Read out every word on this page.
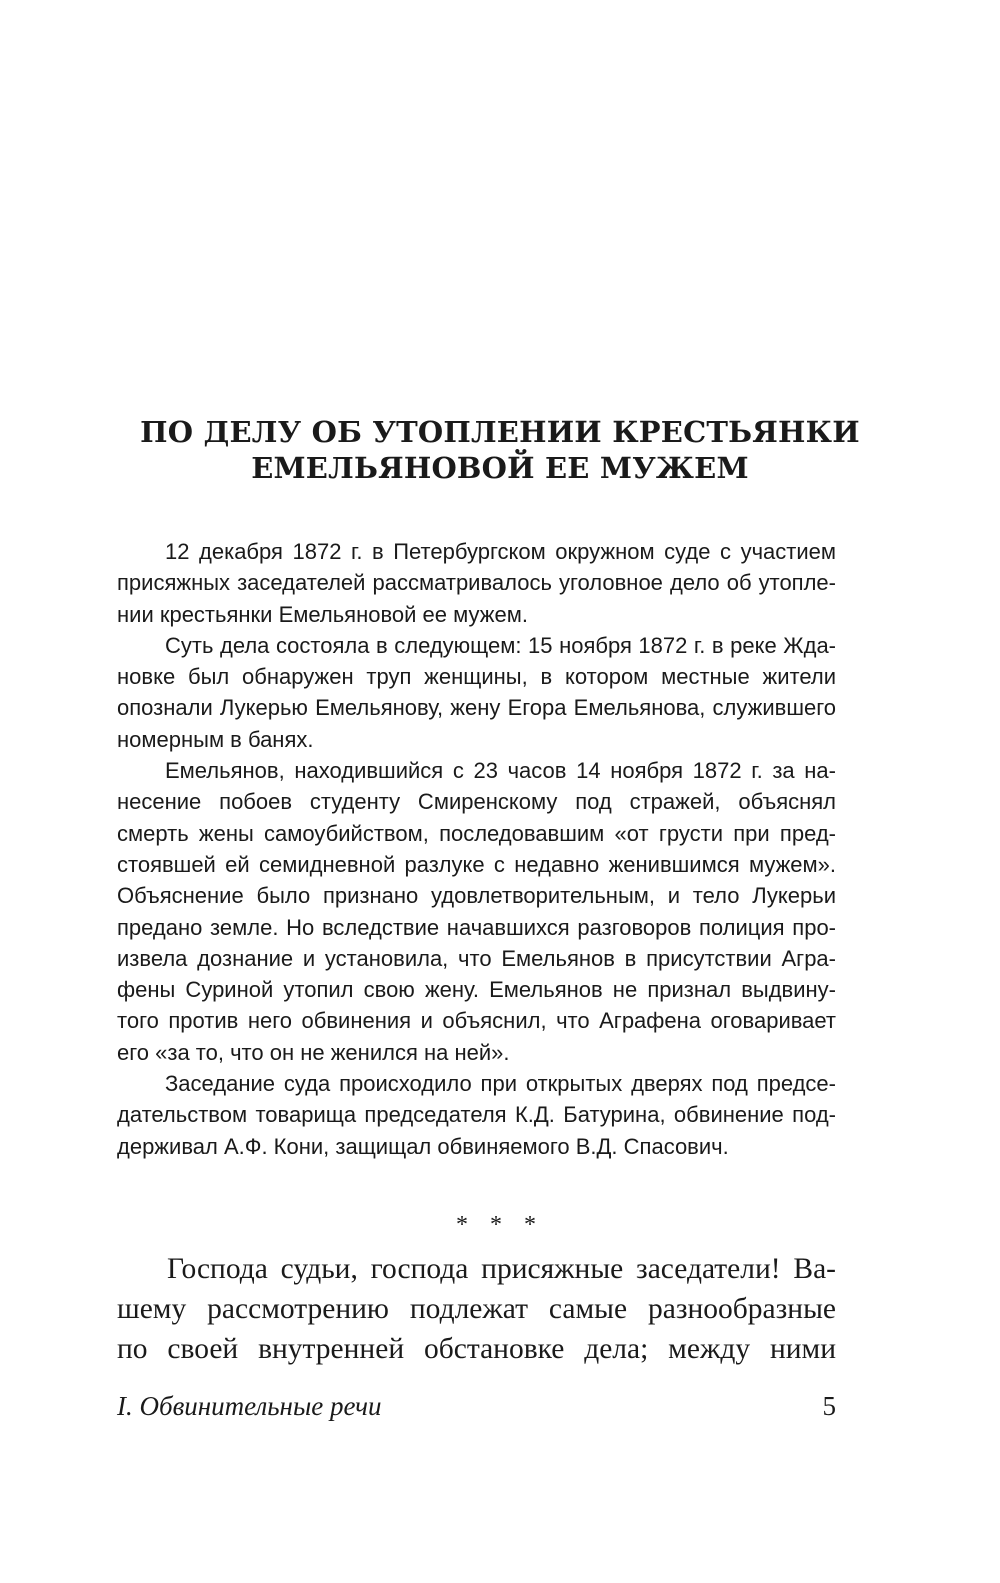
ПО ДЕЛУ ОБ УТОПЛЕНИИ КРЕСТЬЯНКИ
ЕМЕЛЬЯНОВОЙ ЕЕ МУЖЕМ
12 декабря 1872 г. в Петербургском окружном суде с участием
присяжных заседателей рассматривалось уголовное дело об утопле-
нии крестьянки Емельяновой ее мужем.
Суть дела состояла в следующем: 15 ноября 1872 г. в реке Жда-
новке был обнаружен труп женщины, в котором местные жители
опознали Лукерью Емельянову, жену Егора Емельянова, служившего
номерным в банях.
Емельянов, находившийся с 23 часов 14 ноября 1872 г. за на-
несение побоев студенту Смиренскому под стражей, объяснял
смерть жены самоубийством, последовавшим «от грусти при пред-
стоявшей ей семидневной разлуке с недавно женившимся мужем».
Объяснение было признано удовлетворительным, и тело Лукерьи
предано земле. Но вследствие начавшихся разговоров полиция про-
извела дознание и установила, что Емельянов в присутствии Агра-
фены Суриной утопил свою жену. Емельянов не признал выдвину-
того против него обвинения и объяснил, что Аграфена оговаривает
его «за то, что он не женился на ней».
Заседание суда происходило при открытых дверях под предсе-
дательством товарища председателя К.Д. Батурина, обвинение под-
держивал А.Ф. Кони, защищал обвиняемого В.Д. Спасович.
* * *
Господа судьи, господа присяжные заседатели! Ва-
шему рассмотрению подлежат самые разнообразные
по своей внутренней обстановке дела; между ними
I. Обвинительные речи	5
